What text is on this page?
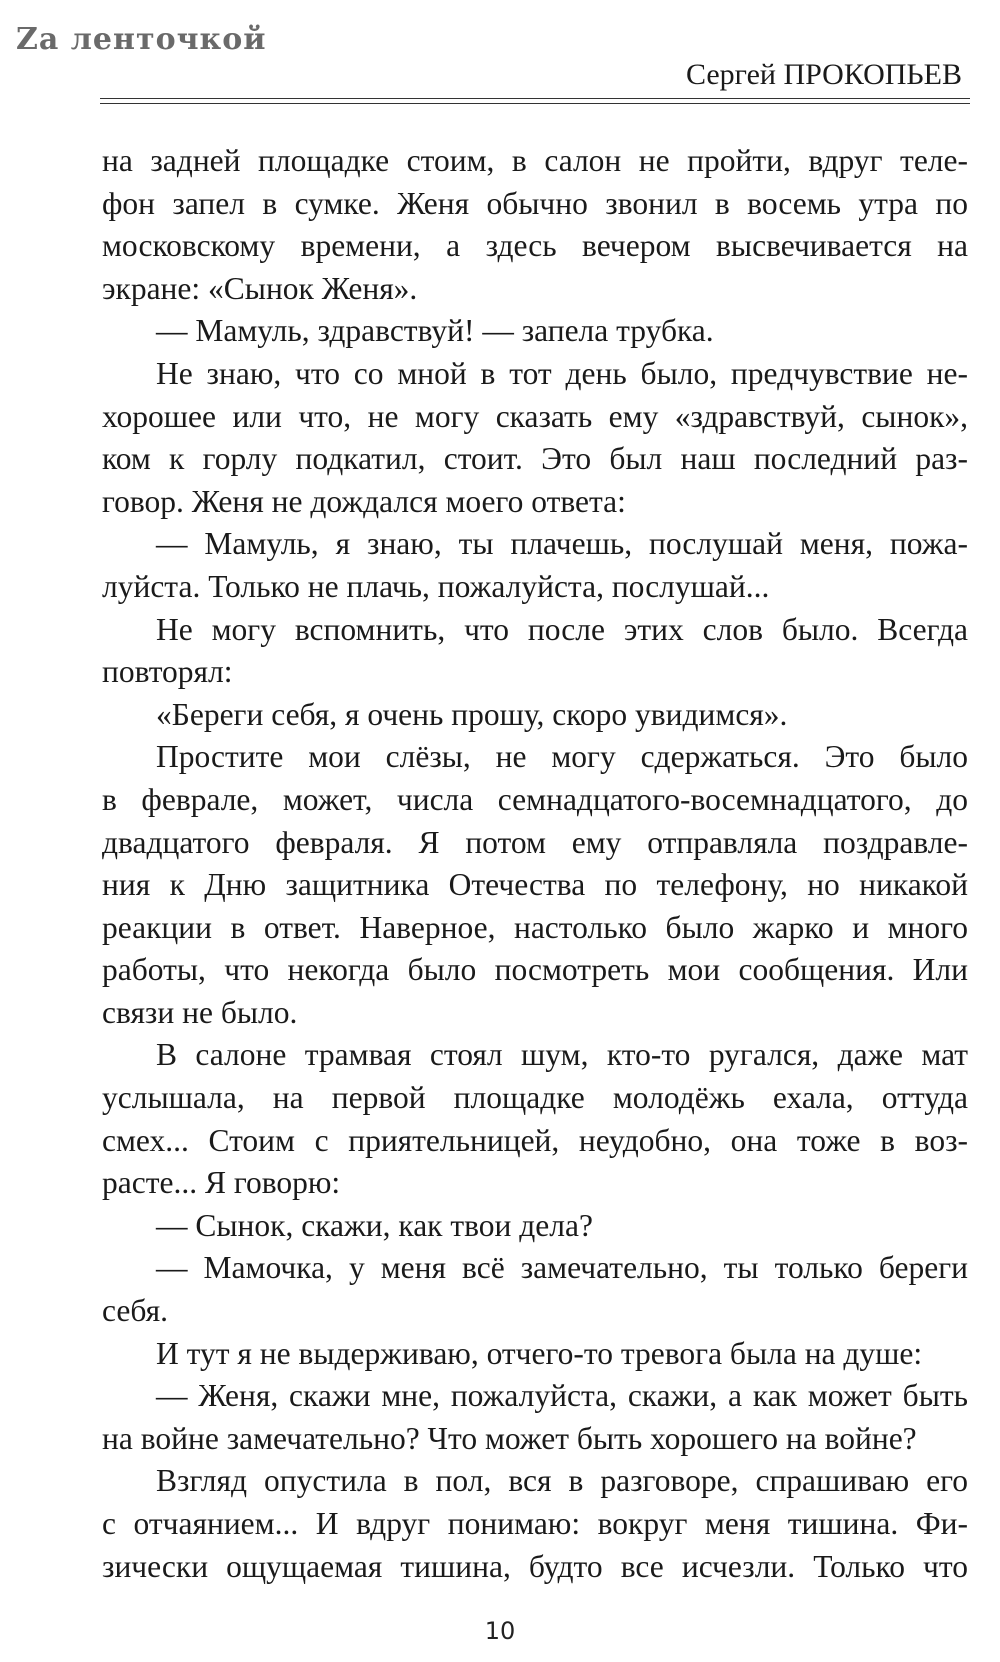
Zа ленточкой
Сергей ПРОКОПЬЕВ
на задней площадке стоим, в салон не пройти, вдруг теле-
фон запел в сумке. Женя обычно звонил в восемь утра по
московскому времени, а здесь вечером высвечивается на
экране: «Сынок Женя».
— Мамуль, здравствуй! — запела трубка.
Не знаю, что со мной в тот день было, предчувствие не-
хорошее или что, не могу сказать ему «здравствуй, сынок»,
ком к горлу подкатил, стоит. Это был наш последний раз-
говор. Женя не дождался моего ответа:
— Мамуль, я знаю, ты плачешь, послушай меня, пожа-
луйста. Только не плачь, пожалуйста, послушай...
Не могу вспомнить, что после этих слов было. Всегда
повторял:
«Береги себя, я очень прошу, скоро увидимся».
Простите мои слёзы, не могу сдержаться. Это было
в феврале, может, числа семнадцатого-восемнадцатого, до
двадцатого февраля. Я потом ему отправляла поздравле-
ния к Дню защитника Отечества по телефону, но никакой
реакции в ответ. Наверное, настолько было жарко и много
работы, что некогда было посмотреть мои сообщения. Или
связи не было.
В салоне трамвая стоял шум, кто-то ругался, даже мат
услышала, на первой площадке молодёжь ехала, оттуда
смех... Стоим с приятельницей, неудобно, она тоже в воз-
расте... Я говорю:
— Сынок, скажи, как твои дела?
— Мамочка, у меня всё замечательно, ты только береги
себя.
И тут я не выдерживаю, отчего-то тревога была на душе:
— Женя, скажи мне, пожалуйста, скажи, а как может быть
на войне замечательно? Что может быть хорошего на войне?
Взгляд опустила в пол, вся в разговоре, спрашиваю его
с отчаянием... И вдруг понимаю: вокруг меня тишина. Фи-
зически ощущаемая тишина, будто все исчезли. Только что
10
